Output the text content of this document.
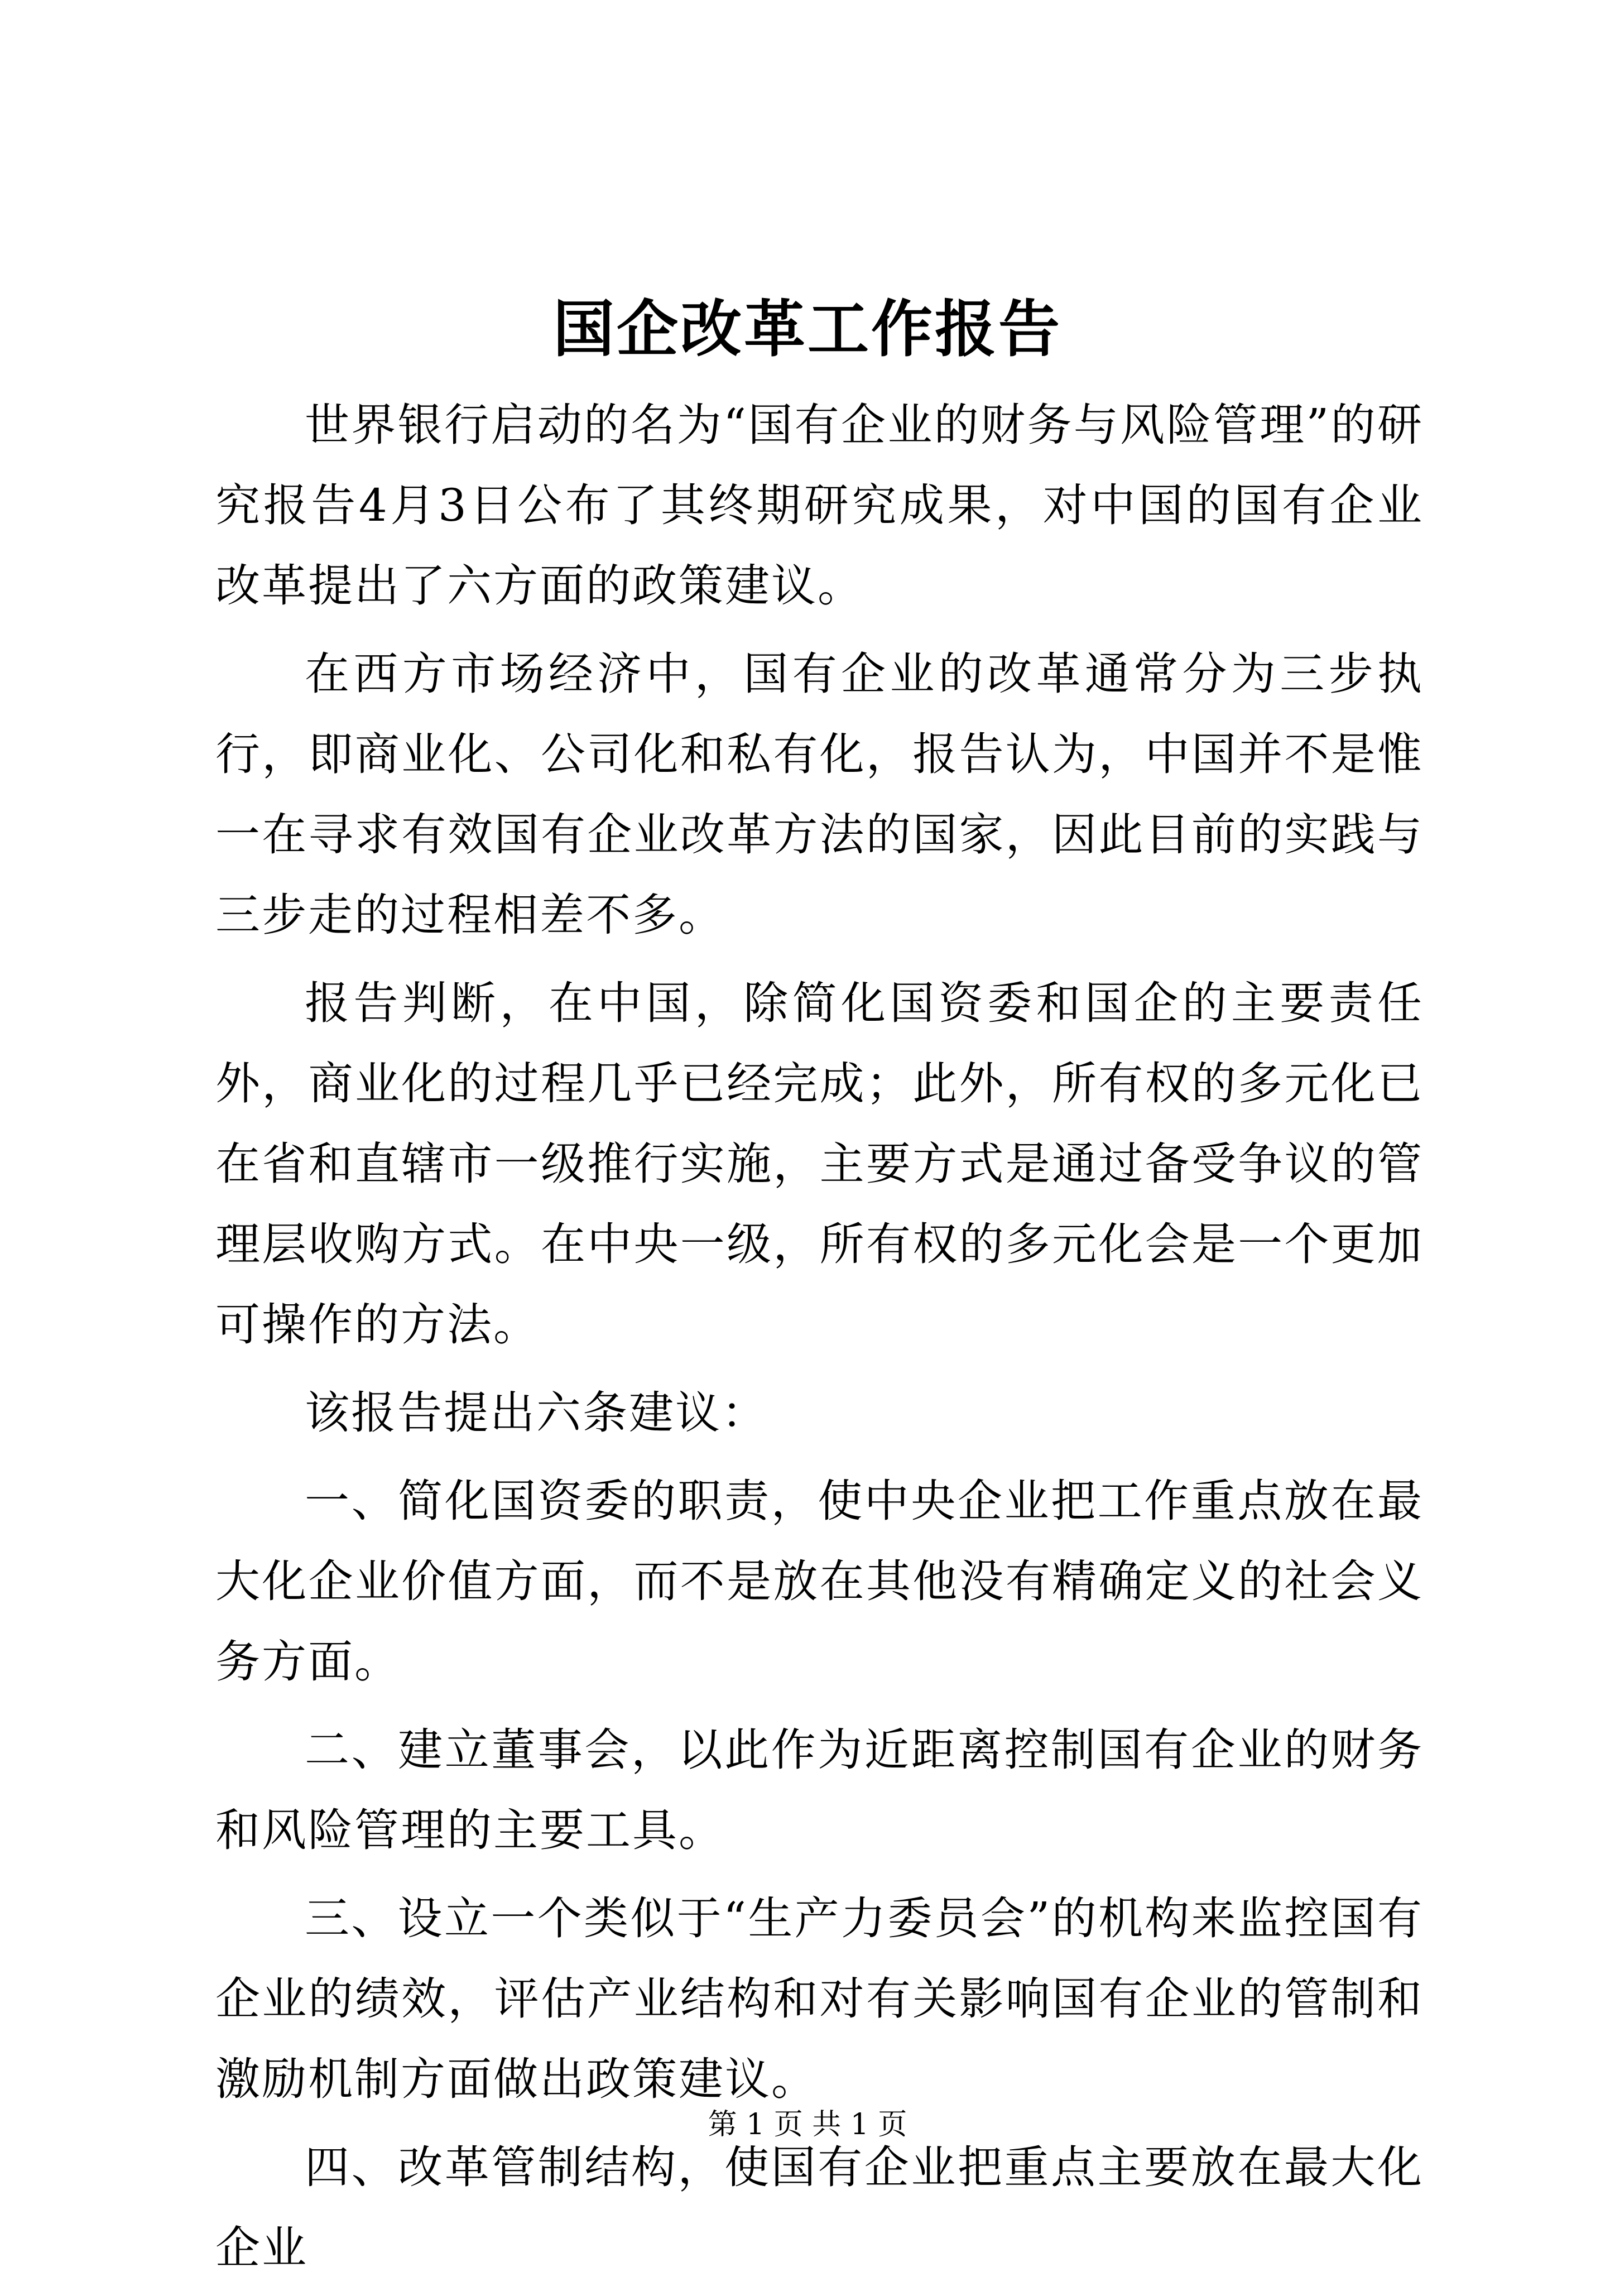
国企改革工作报告

世界银行启动的名为“国有企业的财务与风险管理”的研究报告4月3日公布了其终期研究成果，对中国的国有企业改革提出了六方面的政策建议。

在西方市场经济中，国有企业的改革通常分为三步执行，即商业化、公司化和私有化，报告认为，中国并不是惟一在寻求有效国有企业改革方法的国家，因此目前的实践与三步走的过程相差不多。

报告判断，在中国，除简化国资委和国企的主要责任外，商业化的过程几乎已经完成；此外，所有权的多元化已在省和直辖市一级推行实施，主要方式是通过备受争议的管理层收购方式。在中央一级，所有权的多元化会是一个更加可操作的方法。

该报告提出六条建议：

一、简化国资委的职责，使中央企业把工作重点放在最大化企业价值方面，而不是放在其他没有精确定义的社会义务方面。

二、建立董事会，以此作为近距离控制国有企业的财务和风险管理的主要工具。

三、设立一个类似于“生产力委员会”的机构来监控国有企业的绩效，评估产业结构和对有关影响国有企业的管制和激励机制方面做出政策建议。

四、改革管制结构，使国有企业把重点主要放在最大化企业

第 1 页 共 1 页
